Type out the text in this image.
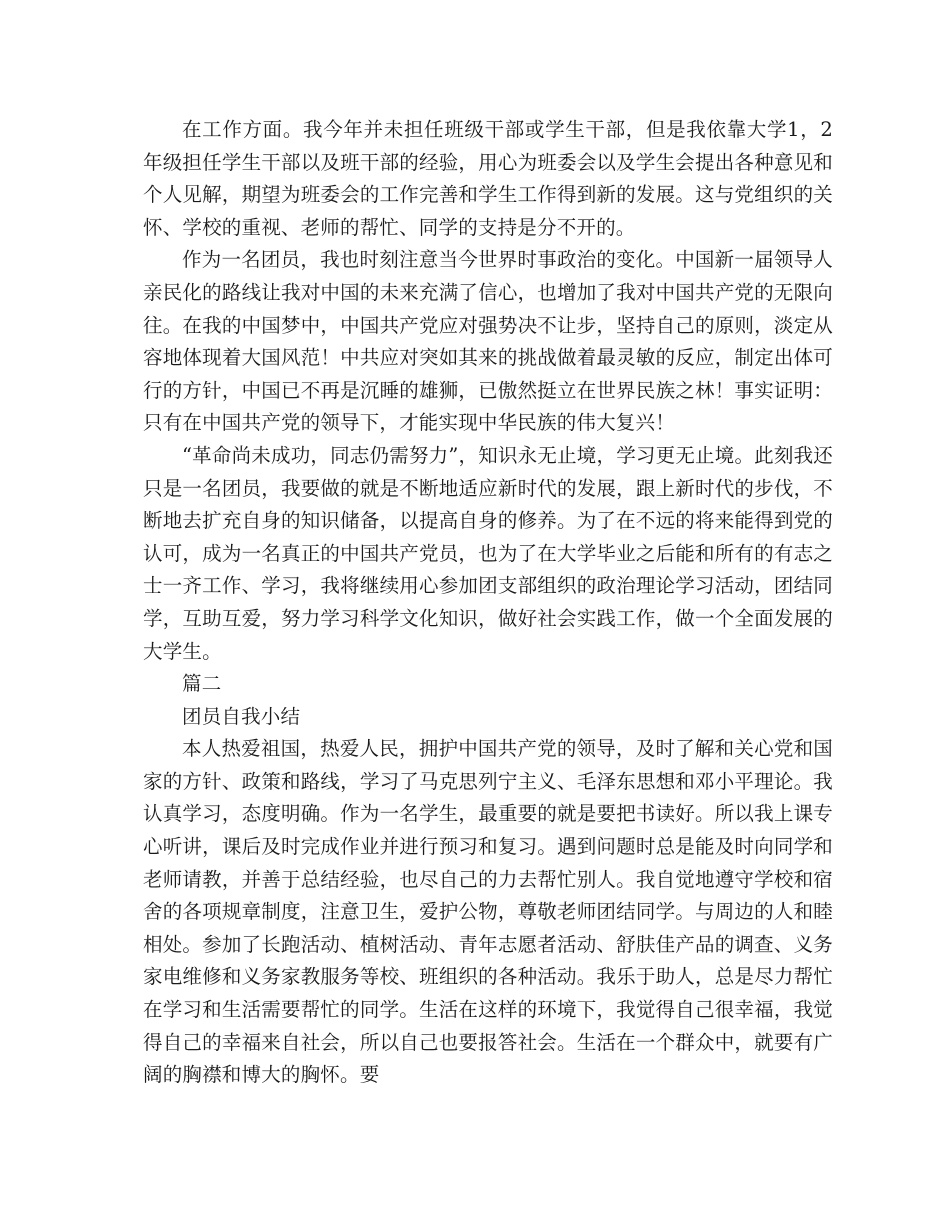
在工作方面。我今年并未担任班级干部或学生干部，但是我依靠大学1，2年级担任学生干部以及班干部的经验，用心为班委会以及学生会提出各种意见和个人见解，期望为班委会的工作完善和学生工作得到新的发展。这与党组织的关怀、学校的重视、老师的帮忙、同学的支持是分不开的。

作为一名团员，我也时刻注意当今世界时事政治的变化。中国新一届领导人亲民化的路线让我对中国的未来充满了信心，也增加了我对中国共产党的无限向往。在我的中国梦中，中国共产党应对强势决不让步，坚持自己的原则，淡定从容地体现着大国风范！中共应对突如其来的挑战做着最灵敏的反应，制定出体可行的方针，中国已不再是沉睡的雄狮，已傲然挺立在世界民族之林！事实证明：只有在中国共产党的领导下，才能实现中华民族的伟大复兴！

“革命尚未成功，同志仍需努力”，知识永无止境，学习更无止境。此刻我还只是一名团员，我要做的就是不断地适应新时代的发展，跟上新时代的步伐，不断地去扩充自身的知识储备，以提高自身的修养。为了在不远的将来能得到党的认可，成为一名真正的中国共产党员，也为了在大学毕业之后能和所有的有志之士一齐工作、学习，我将继续用心参加团支部组织的政治理论学习活动，团结同学，互助互爱，努力学习科学文化知识，做好社会实践工作，做一个全面发展的大学生。

篇二

团员自我小结

本人热爱祖国，热爱人民，拥护中国共产党的领导，及时了解和关心党和国家的方针、政策和路线，学习了马克思列宁主义、毛泽东思想和邓小平理论。我认真学习，态度明确。作为一名学生，最重要的就是要把书读好。所以我上课专心听讲，课后及时完成作业并进行预习和复习。遇到问题时总是能及时向同学和老师请教，并善于总结经验，也尽自己的力去帮忙别人。我自觉地遵守学校和宿舍的各项规章制度，注意卫生，爱护公物，尊敬老师团结同学。与周边的人和睦相处。参加了长跑活动、植树活动、青年志愿者活动、舒肤佳产品的调查、义务家电维修和义务家教服务等校、班组织的各种活动。我乐于助人，总是尽力帮忙在学习和生活需要帮忙的同学。生活在这样的环境下，我觉得自己很幸福，我觉得自己的幸福来自社会，所以自己也要报答社会。生活在一个群众中，就要有广阔的胸襟和博大的胸怀。要
